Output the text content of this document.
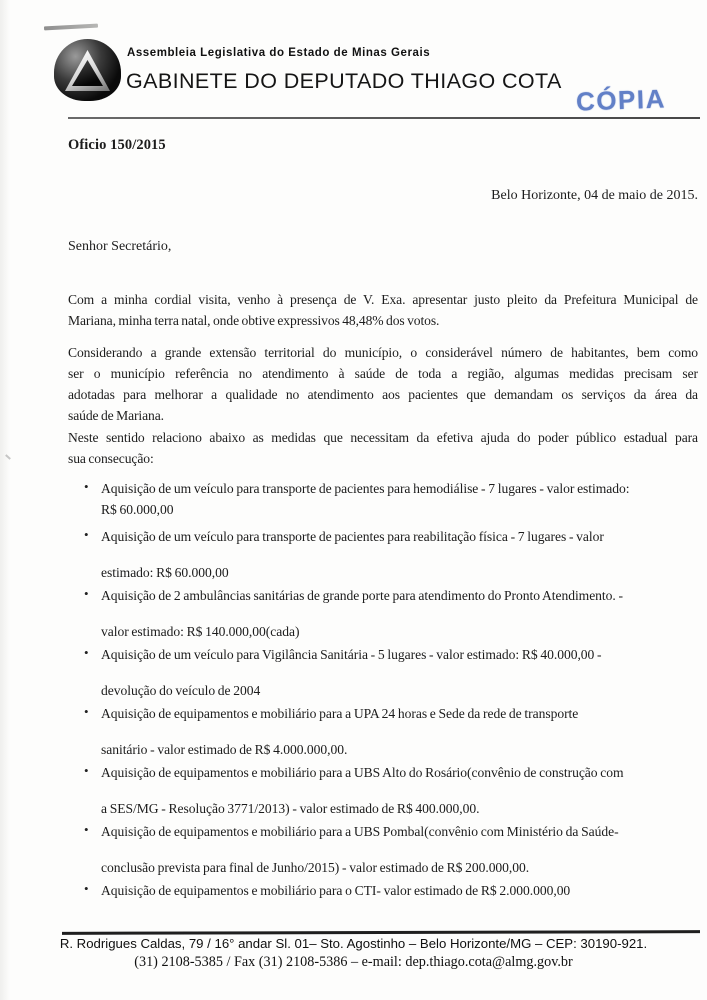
Assembleia Legislativa do Estado de Minas Gerais
GABINETE DO DEPUTADO THIAGO COTA
CÓPIA
Oficio 150/2015
Belo Horizonte, 04 de maio de 2015.
Senhor Secretário,
Com a minha cordial visita, venho à presença de V. Exa. apresentar justo pleito da Prefeitura Municipal de
Mariana, minha terra natal, onde obtive expressivos 48,48% dos votos.
Considerando a grande extensão territorial do município, o considerável número de habitantes, bem como
ser o município referência no atendimento à saúde de toda a região, algumas medidas precisam ser
adotadas para melhorar a qualidade no atendimento aos pacientes que demandam os serviços da área da
saúde de Mariana.
Neste sentido relaciono abaixo as medidas que necessitam da efetiva ajuda do poder público estadual para
sua consecução:
• Aquisição de um veículo para transporte de pacientes para hemodiálise - 7 lugares - valor estimado:
R$ 60.000,00
• Aquisição de um veículo para transporte de pacientes para reabilitação física - 7 lugares - valor
estimado: R$ 60.000,00
• Aquisição de 2 ambulâncias sanitárias de grande porte para atendimento do Pronto Atendimento. -
valor estimado: R$ 140.000,00(cada)
• Aquisição de um veículo para Vigilância Sanitária - 5 lugares - valor estimado: R$ 40.000,00 -
devolução do veículo de 2004
• Aquisição de equipamentos e mobiliário para a UPA 24 horas e Sede da rede de transporte
sanitário - valor estimado de R$ 4.000.000,00.
• Aquisição de equipamentos e mobiliário para a UBS Alto do Rosário(convênio de construção com
a SES/MG - Resolução 3771/2013) - valor estimado de R$ 400.000,00.
• Aquisição de equipamentos e mobiliário para a UBS Pombal(convênio com Ministério da Saúde-
conclusão prevista para final de Junho/2015) - valor estimado de R$ 200.000,00.
• Aquisição de equipamentos e mobiliário para o CTI- valor estimado de R$ 2.000.000,00
R. Rodrigues Caldas, 79 / 16° andar Sl. 01– Sto. Agostinho – Belo Horizonte/MG – CEP: 30190-921.
(31) 2108-5385 / Fax (31) 2108-5386 – e-mail: dep.thiago.cota@almg.gov.br
